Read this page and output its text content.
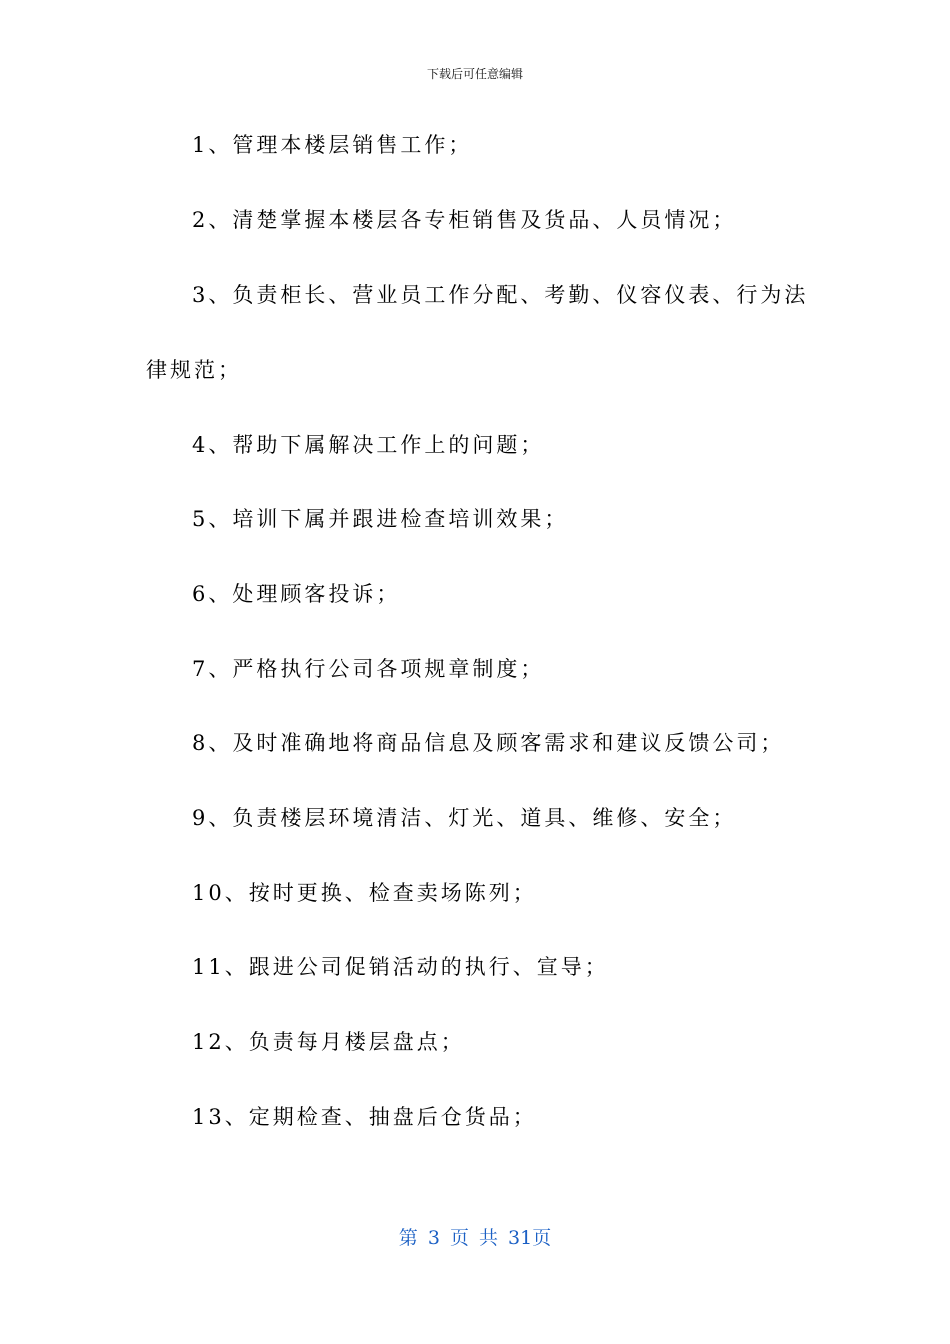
下载后可任意编辑
1、管理本楼层销售工作；
2、清楚掌握本楼层各专柜销售及货品、人员情况；
3、负责柜长、营业员工作分配、考勤、仪容仪表、行为法
律规范；
4、帮助下属解决工作上的问题；
5、培训下属并跟进检查培训效果；
6、处理顾客投诉；
7、严格执行公司各项规章制度；
8、及时准确地将商品信息及顾客需求和建议反馈公司；
9、负责楼层环境清洁、灯光、道具、维修、安全；
10、按时更换、检查卖场陈列；
11、跟进公司促销活动的执行、宣导；
12、负责每月楼层盘点；
13、定期检查、抽盘后仓货品；
第 3 页 共 31页
